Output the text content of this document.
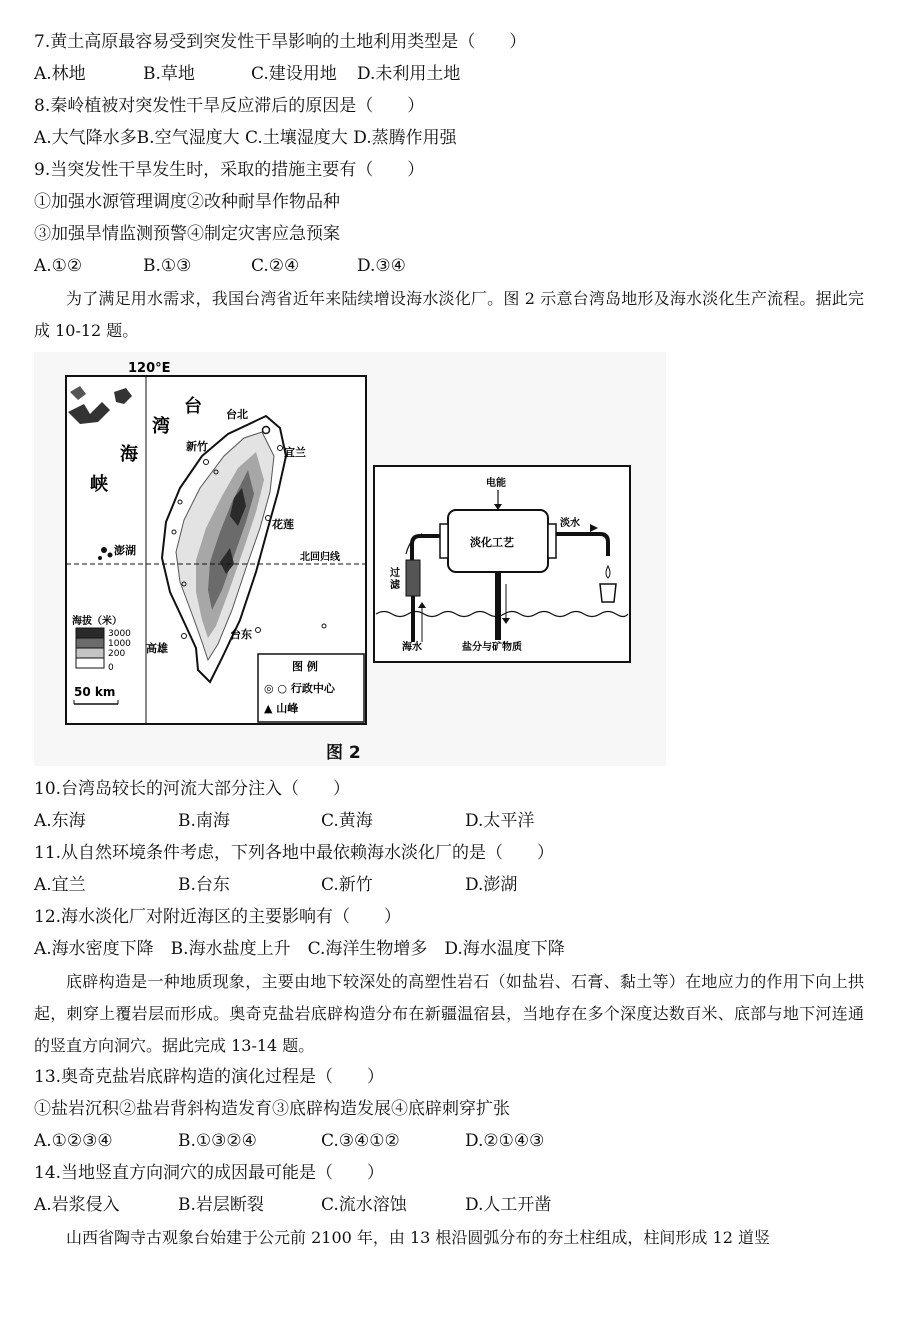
7.黄土高原最容易受到突发性干旱影响的土地利用类型是（　　）
A.林地	B.草地	C.建设用地 D.未利用土地
8.秦岭植被对突发性干旱反应滞后的原因是（　　）
A.大气降水多B.空气湿度大 C.土壤湿度大 D.蒸腾作用强
9.当突发性干旱发生时，采取的措施主要有（　　）
①加强水源管理调度②改种耐旱作物品种
③加强旱情监测预警④制定灾害应急预案
A.①②	B.①③	C.②④	D.③④
为了满足用水需求，我国台湾省近年来陆续增设海水淡化厂。图 2 示意台湾岛地形及海水淡化生产流程。据此完成 10-12 题。
120°E
台
湾
海
峡
台北
新竹	宜兰
花莲
澎湖
北回归线
台东
高雄
海拔（米）
3000
1000
200
0
50 km
图 例
◎ ○ 行政中心
▲ 山峰
电能
淡化工艺
淡水
过
滤
海水	盐分与矿物质
图 2
10.台湾岛较长的河流大部分注入（　　）
A.东海	B.南海	C.黄海	D.太平洋
11.从自然环境条件考虑，下列各地中最依赖海水淡化厂的是（　　）
A.宜兰	B.台东	C.新竹	D.澎湖
12.海水淡化厂对附近海区的主要影响有（　　）
A.海水密度下降　B.海水盐度上升　C.海洋生物增多　D.海水温度下降
底辟构造是一种地质现象，主要由地下较深处的高塑性岩石（如盐岩、石膏、黏土等）在地应力的作用下向上拱起，刺穿上覆岩层而形成。奥奇克盐岩底辟构造分布在新疆温宿县，当地存在多个深度达数百米、底部与地下河连通的竖直方向洞穴。据此完成 13-14 题。
13.奥奇克盐岩底辟构造的演化过程是（　　）
①盐岩沉积②盐岩背斜构造发育③底辟构造发展④底辟刺穿扩张
A.①②③④	B.①③②④	C.③④①②	D.②①④③
14.当地竖直方向洞穴的成因最可能是（　　）
A.岩浆侵入	B.岩层断裂	C.流水溶蚀	D.人工开凿
山西省陶寺古观象台始建于公元前 2100 年，由 13 根沿圆弧分布的夯土柱组成，柱间形成 12 道竖
